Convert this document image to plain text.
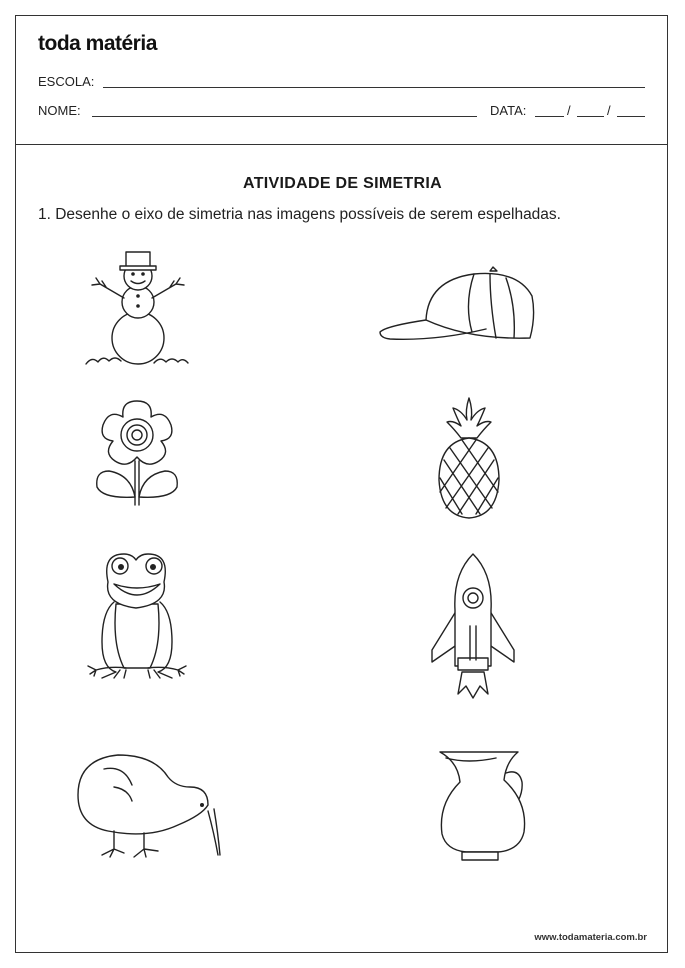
toda matéria
ESCOLA:
NOME:	DATA:	/	/
ATIVIDADE DE SIMETRIA
1. Desenhe o eixo de simetria nas imagens possíveis de serem espelhadas.
www.todamateria.com.br
